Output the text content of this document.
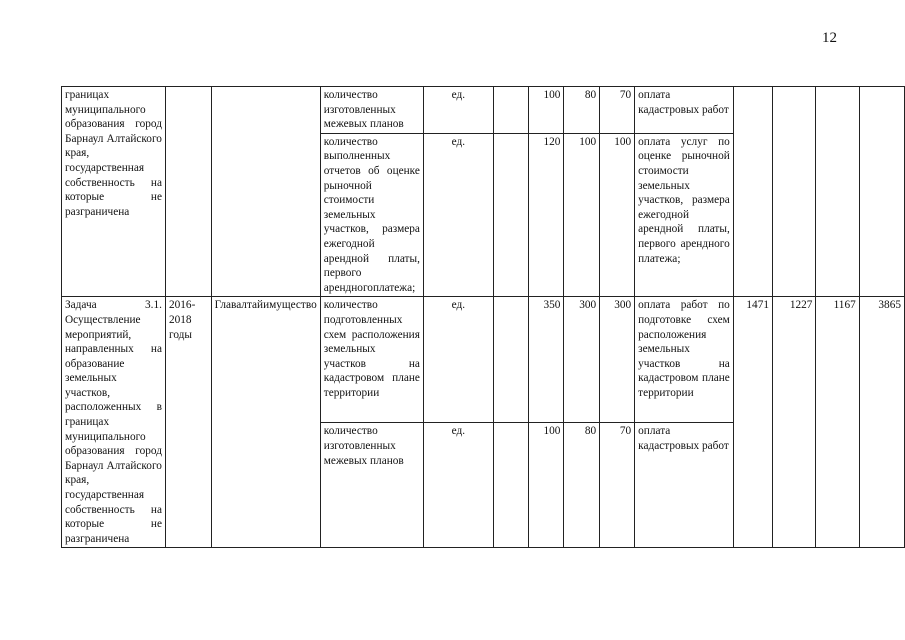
12
границах муниципального образования город Барнаул Алтайского края, государственная собственность на которые не разграничена			количество изготовленных межевых планов	ед.		100	80	70	оплата кадастровых работ				
			количество выполненных отчетов об оценке рыночной стоимости земельных участков, размера ежегодной арендной платы, первого арендногоплатежа;	ед.		120	100	100	оплата услуг по оценке рыночной стоимости земельных участков, размера ежегодной арендной платы, первого арендного платежа;				

Задача 3.1. Осуществление мероприятий, направленных на образование земельных участков, расположенных в границах муниципального образования город Барнаул Алтайского края, государственная собственность на которые не разграничена	2016-2018 годы	Главалтайимущество	количество подготовленных схем расположения земельных участков на кадастровом плане территории	ед.		350	300	300	оплата работ по подготовке схем расположения земельных участков на кадастровом плане территории	1471	1227	1167	3865
			количество изготовленных межевых планов	ед.		100	80	70	оплата кадастровых работ				
